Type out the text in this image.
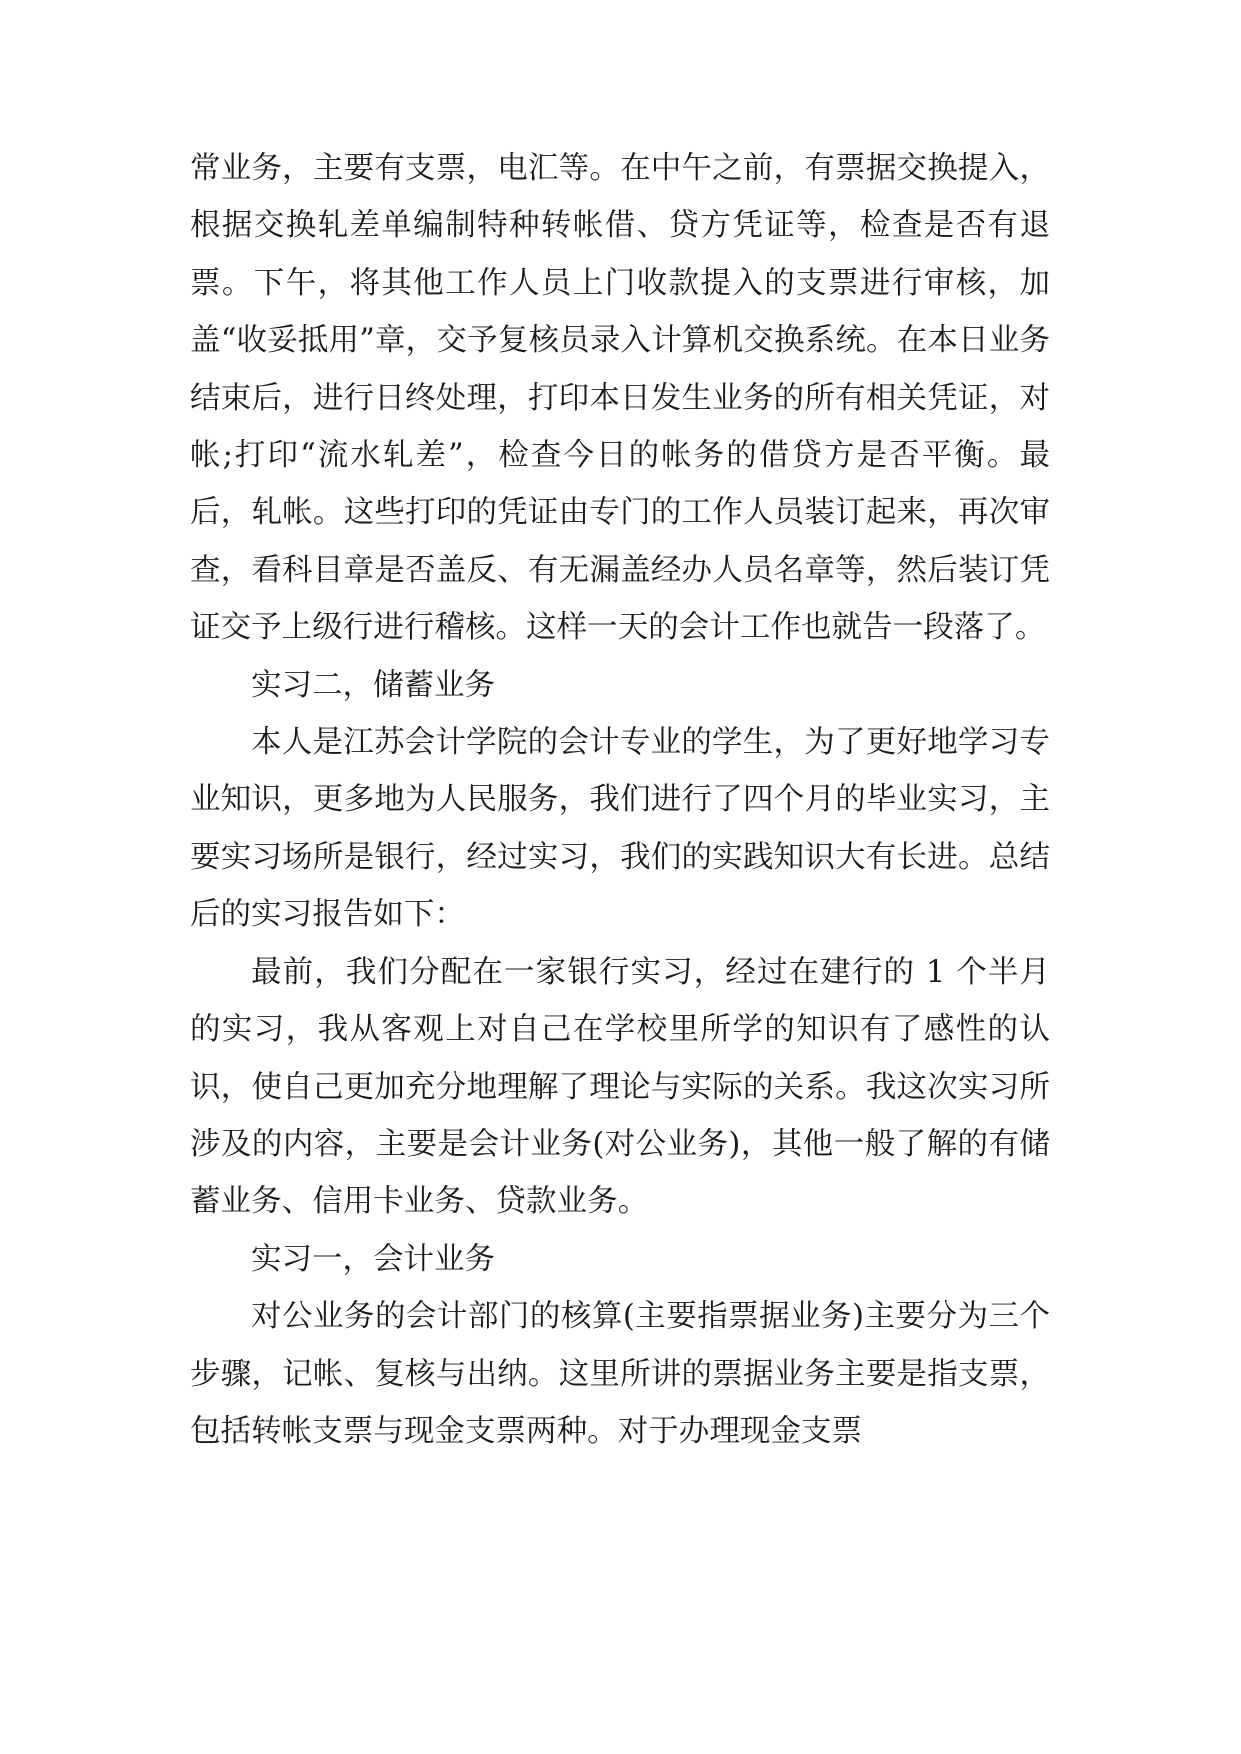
常业务，主要有支票，电汇等。在中午之前，有票据交换提入，根据交换轧差单编制特种转帐借、贷方凭证等，检查是否有退票。下午，将其他工作人员上门收款提入的支票进行审核，加盖“收妥抵用”章，交予复核员录入计算机交换系统。在本日业务结束后，进行日终处理，打印本日发生业务的所有相关凭证，对帐;打印“流水轧差”，检查今日的帐务的借贷方是否平衡。最后，轧帐。这些打印的凭证由专门的工作人员装订起来，再次审查，看科目章是否盖反、有无漏盖经办人员名章等，然后装订凭证交予上级行进行稽核。这样一天的会计工作也就告一段落了。

实习二，储蓄业务

本人是江苏会计学院的会计专业的学生，为了更好地学习专业知识，更多地为人民服务，我们进行了四个月的毕业实习，主要实习场所是银行，经过实习，我们的实践知识大有长进。总结后的实习报告如下：

最前，我们分配在一家银行实习，经过在建行的 1 个半月的实习，我从客观上对自己在学校里所学的知识有了感性的认识，使自己更加充分地理解了理论与实际的关系。我这次实习所涉及的内容，主要是会计业务(对公业务)，其他一般了解的有储蓄业务、信用卡业务、贷款业务。

实习一，会计业务

对公业务的会计部门的核算(主要指票据业务)主要分为三个步骤，记帐、复核与出纳。这里所讲的票据业务主要是指支票，包括转帐支票与现金支票两种。对于办理现金支票
